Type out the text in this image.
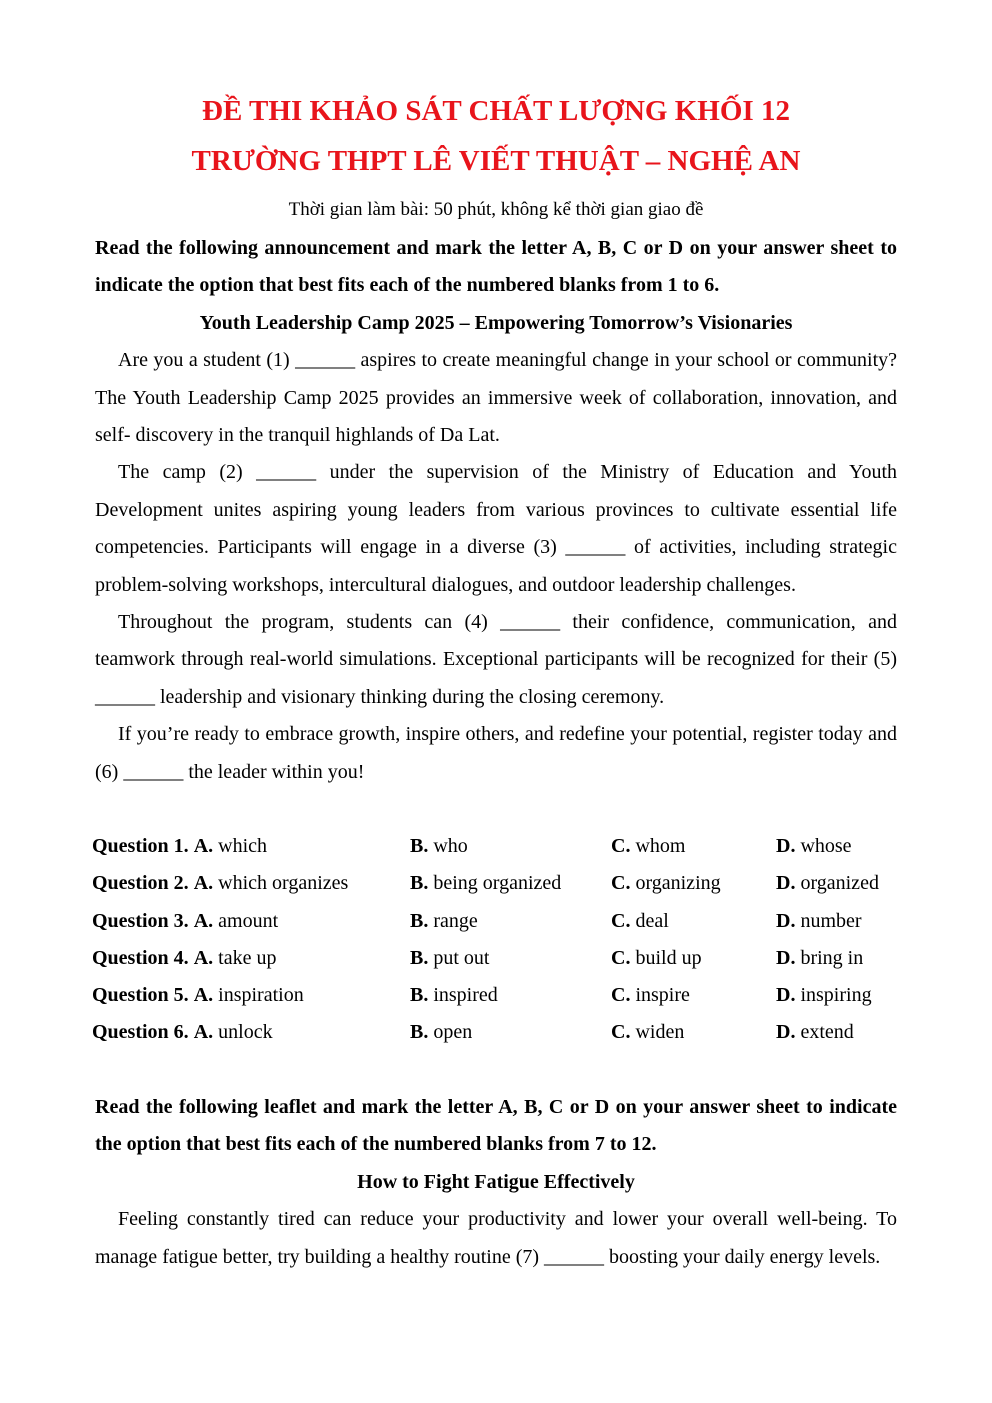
ĐỀ THI KHẢO SÁT CHẤT LƯỢNG KHỐI 12
TRƯỜNG THPT LÊ VIẾT THUẬT – NGHỆ AN
Thời gian làm bài: 50 phút, không kể thời gian giao đề
Read the following announcement and mark the letter A, B, C or D on your answer sheet to indicate the option that best fits each of the numbered blanks from 1 to 6.
Youth Leadership Camp 2025 – Empowering Tomorrow’s Visionaries
Are you a student (1) ______ aspires to create meaningful change in your school or community? The Youth Leadership Camp 2025 provides an immersive week of collaboration, innovation, and self- discovery in the tranquil highlands of Da Lat.
The camp (2) ______ under the supervision of the Ministry of Education and Youth Development unites aspiring young leaders from various provinces to cultivate essential life competencies. Participants will engage in a diverse (3) ______ of activities, including strategic problem-solving workshops, intercultural dialogues, and outdoor leadership challenges.
Throughout the program, students can (4) ______ their confidence, communication, and teamwork through real-world simulations. Exceptional participants will be recognized for their (5) ______ leadership and visionary thinking during the closing ceremony.
If you’re ready to embrace growth, inspire others, and redefine your potential, register today and (6) ______ the leader within you!
Question 1. A. which	B. who	C. whom	D. whose
Question 2. A. which organizes	B. being organized C. organizing	D. organized
Question 3. A. amount	B. range	C. deal	D. number
Question 4. A. take up	B. put out	C. build up	D. bring in
Question 5. A. inspiration	B. inspired	C. inspire	D. inspiring
Question 6. A. unlock	B. open	C. widen	D. extend
Read the following leaflet and mark the letter A, B, C or D on your answer sheet to indicate the option that best fits each of the numbered blanks from 7 to 12.
How to Fight Fatigue Effectively
Feeling constantly tired can reduce your productivity and lower your overall well-being. To manage fatigue better, try building a healthy routine (7) ______ boosting your daily energy levels.
